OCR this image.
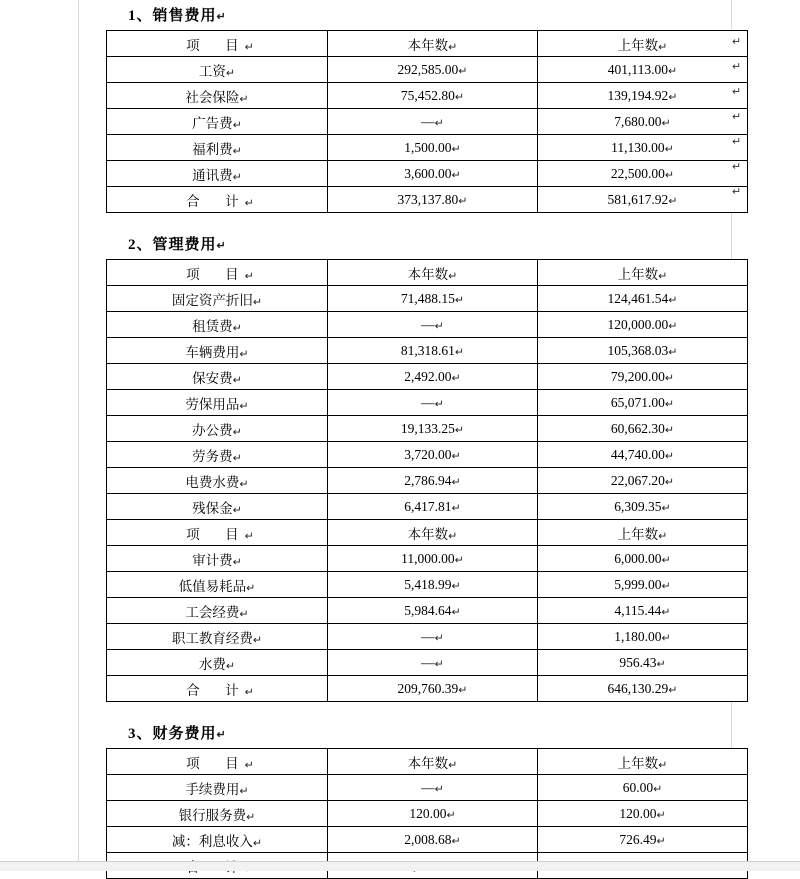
1、销售费用↵
项　目↵	本年数↵	上年数↵
工资↵	292,585.00↵	401,113.00↵
社会保险↵	75,452.80↵	139,194.92↵
广告费↵	—↵	7,680.00↵
福利费↵	1,500.00↵	11,130.00↵
通讯费↵	3,600.00↵	22,500.00↵
合　计↵	373,137.80↵	581,617.92↵
↵
↵
↵
↵
↵
↵
↵
2、管理费用↵
项　目↵	本年数↵	上年数↵
固定资产折旧↵	71,488.15↵	124,461.54↵
租赁费↵	—↵	120,000.00↵
车辆费用↵	81,318.61↵	105,368.03↵
保安费↵	2,492.00↵	79,200.00↵
劳保用品↵	—↵	65,071.00↵
办公费↵	19,133.25↵	60,662.30↵
劳务费↵	3,720.00↵	44,740.00↵
电费水费↵	2,786.94↵	22,067.20↵
残保金↵	6,417.81↵	6,309.35↵
项　目↵	本年数↵	上年数↵
审计费↵	11,000.00↵	6,000.00↵
低值易耗品↵	5,418.99↵	5,999.00↵
工会经费↵	5,984.64↵	4,115.44↵
职工教育经费↵	—↵	1,180.00↵
水费↵	—↵	956.43↵
合　计↵	209,760.39↵	646,130.29↵
3、财务费用↵
项　目↵	本年数↵	上年数↵
手续费用↵	—↵	60.00↵
银行服务费↵	120.00↵	120.00↵
减：利息收入↵	2,008.68↵	726.49↵
